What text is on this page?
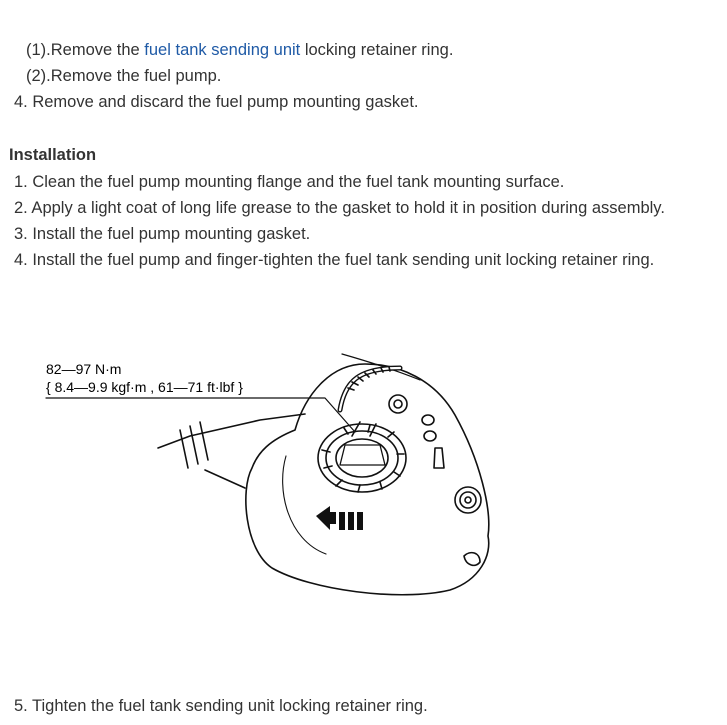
(1).Remove the fuel tank sending unit locking retainer ring.
(2).Remove the fuel pump.
4. Remove and discard the fuel pump mounting gasket.
Installation
1. Clean the fuel pump mounting flange and the fuel tank mounting surface.
2. Apply a light coat of long life grease to the gasket to hold it in position during assembly.
3. Install the fuel pump mounting gasket.
4. Install the fuel pump and finger-tighten the fuel tank sending unit locking retainer ring.
82—97 N·m
{ 8.4—9.9 kgf·m , 61—71 ft·lbf }
5. Tighten the fuel tank sending unit locking retainer ring.
